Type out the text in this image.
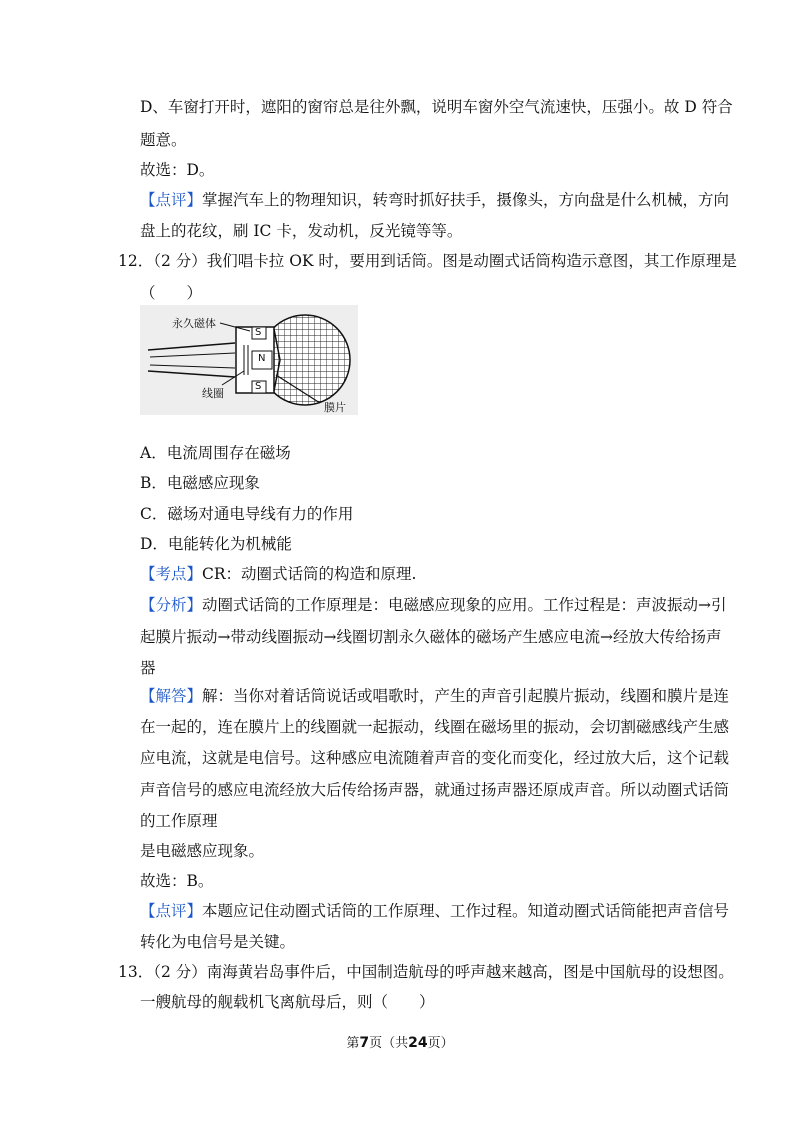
D、车窗打开时，遮阳的窗帘总是往外飘，说明车窗外空气流速快，压强小。故 D 符合
题意。
故选：D。
【点评】掌握汽车上的物理知识，转弯时抓好扶手，摄像头，方向盘是什么机械，方向
盘上的花纹，刷 IC 卡，发动机，反光镜等等。
12．（2 分）我们唱卡拉 OK 时，要用到话筒。图是动圈式话筒构造示意图，其工作原理是
（　　）
永久磁体
线圈
膜片
S
N
S
A．电流周围存在磁场
B．电磁感应现象
C．磁场对通电导线有力的作用
D．电能转化为机械能
【考点】CR：动圈式话筒的构造和原理.
【分析】动圈式话筒的工作原理是：电磁感应现象的应用。工作过程是：声波振动→引
起膜片振动→带动线圈振动→线圈切割永久磁体的磁场产生感应电流→经放大传给扬声
器
【解答】解：当你对着话筒说话或唱歌时，产生的声音引起膜片振动，线圈和膜片是连
在一起的，连在膜片上的线圈就一起振动，线圈在磁场里的振动，会切割磁感线产生感
应电流，这就是电信号。这种感应电流随着声音的变化而变化，经过放大后，这个记载
声音信号的感应电流经放大后传给扬声器，就通过扬声器还原成声音。所以动圈式话筒
的工作原理
是电磁感应现象。
故选：B。
【点评】本题应记住动圈式话筒的工作原理、工作过程。知道动圈式话筒能把声音信号
转化为电信号是关键。
13．（2 分）南海黄岩岛事件后，中国制造航母的呼声越来越高，图是中国航母的设想图。
一艘航母的舰载机飞离航母后，则（　　）
第7页（共24页）
